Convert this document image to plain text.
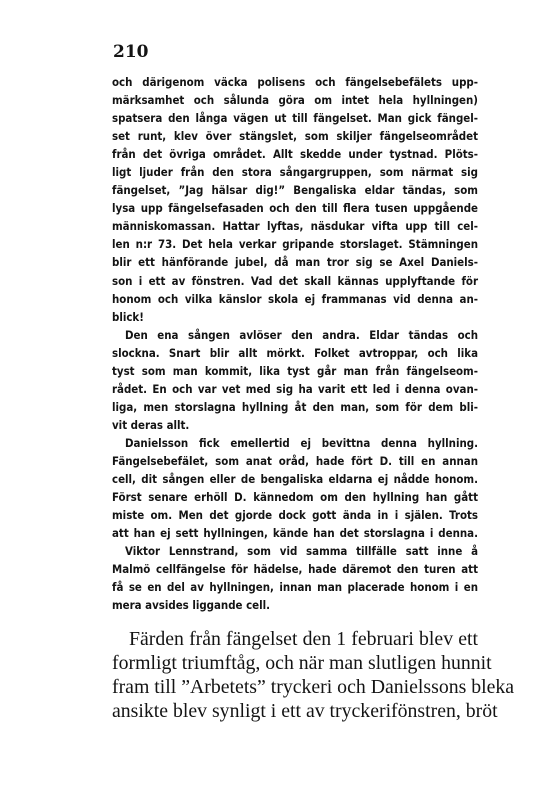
210

och därigenom väcka polisens och fängelsebefälets upp-

märksamhet och sålunda göra om intet hela hyllningen)

spatsera den långa vägen ut till fängelset. Man gick fängel-

set runt, klev över stängslet, som skiljer fängelseområdet

från det övriga området. Allt skedde under tystnad. Plöts-

ligt ljuder från den stora sångargruppen, som närmat sig

fängelset, ”Jag hälsar dig!” Bengaliska eldar tändas, som

lysa upp fängelsefasaden och den till flera tusen uppgående

människomassan. Hattar lyftas, näsdukar vifta upp till cel-

len n:r 73. Det hela verkar gripande storslaget. Stämningen

blir ett hänförande jubel, då man tror sig se Axel Daniels-

son i ett av fönstren. Vad det skall kännas upplyftande för

honom och vilka känslor skola ej frammanas vid denna an-

blick!

Den ena sången avlöser den andra. Eldar tändas och

slockna. Snart blir allt mörkt. Folket avtroppar, och lika

tyst som man kommit, lika tyst går man från fängelseom-

rådet. En och var vet med sig ha varit ett led i denna ovan-

liga, men storslagna hyllning åt den man, som för dem bli-

vit deras allt.

Danielsson fick emellertid ej bevittna denna hyllning.

Fängelsebefälet, som anat oråd, hade fört D. till en annan

cell, dit sången eller de bengaliska eldarna ej nådde honom.

Först senare erhöll D. kännedom om den hyllning han gått

miste om. Men det gjorde dock gott ända in i själen. Trots

att han ej sett hyllningen, kände han det storslagna i denna.

Viktor Lennstrand, som vid samma tillfälle satt inne å

Malmö cellfängelse för hädelse, hade däremot den turen att

få se en del av hyllningen, innan man placerade honom i en

mera avsides liggande cell.

Färden från fängelset den 1 februari blev ett

formligt triumftåg, och när man slutligen hunnit

fram till ”Arbetets” tryckeri och Danielssons bleka

ansikte blev synligt i ett av tryckerifönstren, bröt
